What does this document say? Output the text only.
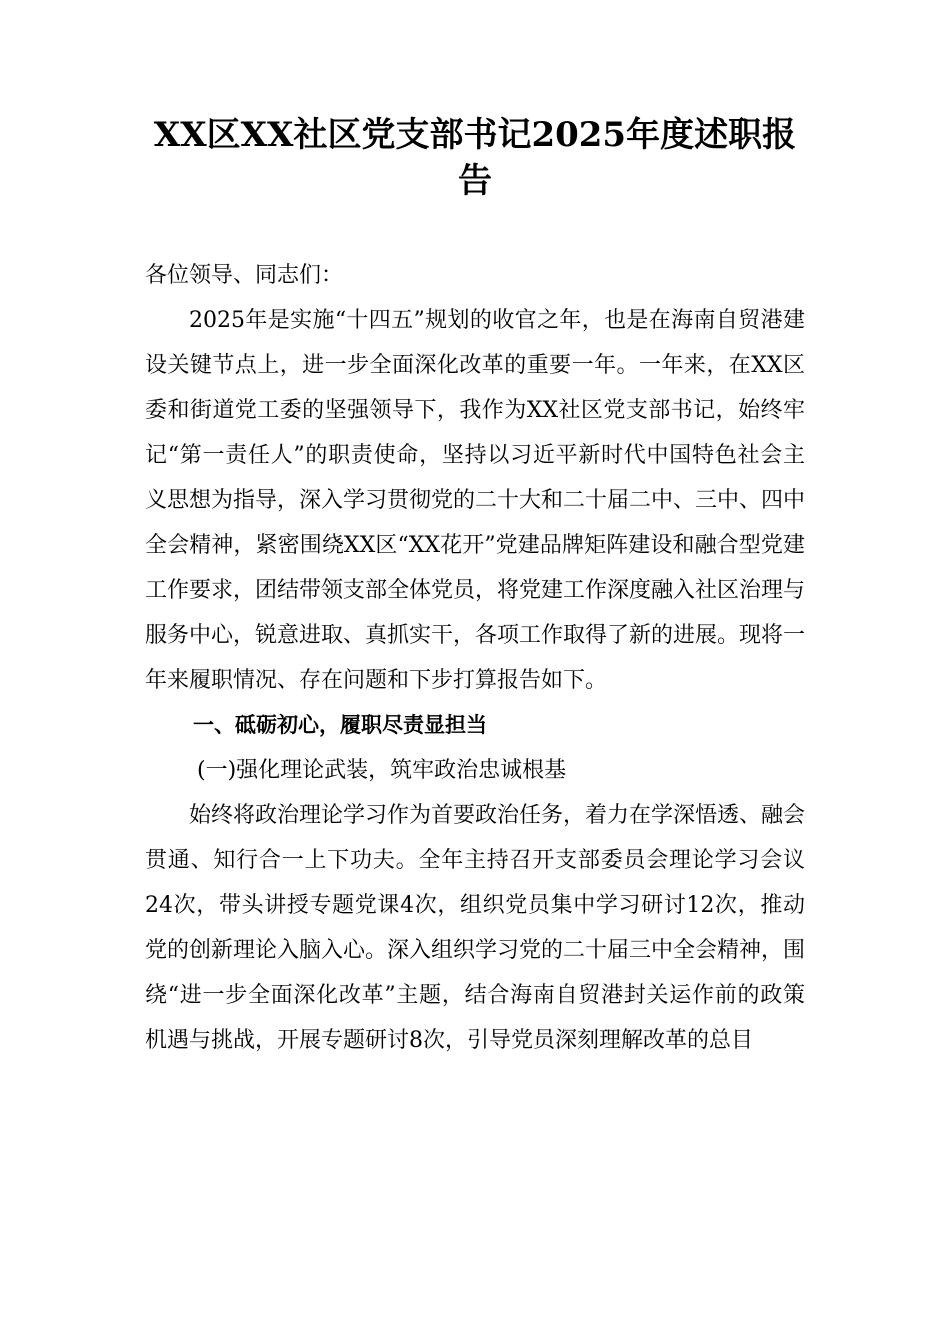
XX区XX社区党支部书记2025年度述职报告

各位领导、同志们：

2025年是实施“十四五”规划的收官之年，也是在海南自贸港建设关键节点上，进一步全面深化改革的重要一年。一年来，在XX区委和街道党工委的坚强领导下，我作为XX社区党支部书记，始终牢记“第一责任人”的职责使命，坚持以习近平新时代中国特色社会主义思想为指导，深入学习贯彻党的二十大和二十届二中、三中、四中全会精神，紧密围绕XX区“XX花开”党建品牌矩阵建设和融合型党建工作要求，团结带领支部全体党员，将党建工作深度融入社区治理与服务中心，锐意进取、真抓实干，各项工作取得了新的进展。现将一年来履职情况、存在问题和下步打算报告如下。

一、砥砺初心，履职尽责显担当

(一)强化理论武装，筑牢政治忠诚根基

始终将政治理论学习作为首要政治任务，着力在学深悟透、融会贯通、知行合一上下功夫。全年主持召开支部委员会理论学习会议24次，带头讲授专题党课4次，组织党员集中学习研讨12次，推动党的创新理论入脑入心。深入组织学习党的二十届三中全会精神，围绕“进一步全面深化改革”主题，结合海南自贸港封关运作前的政策机遇与挑战，开展专题研讨8次，引导党员深刻理解改革的总目
